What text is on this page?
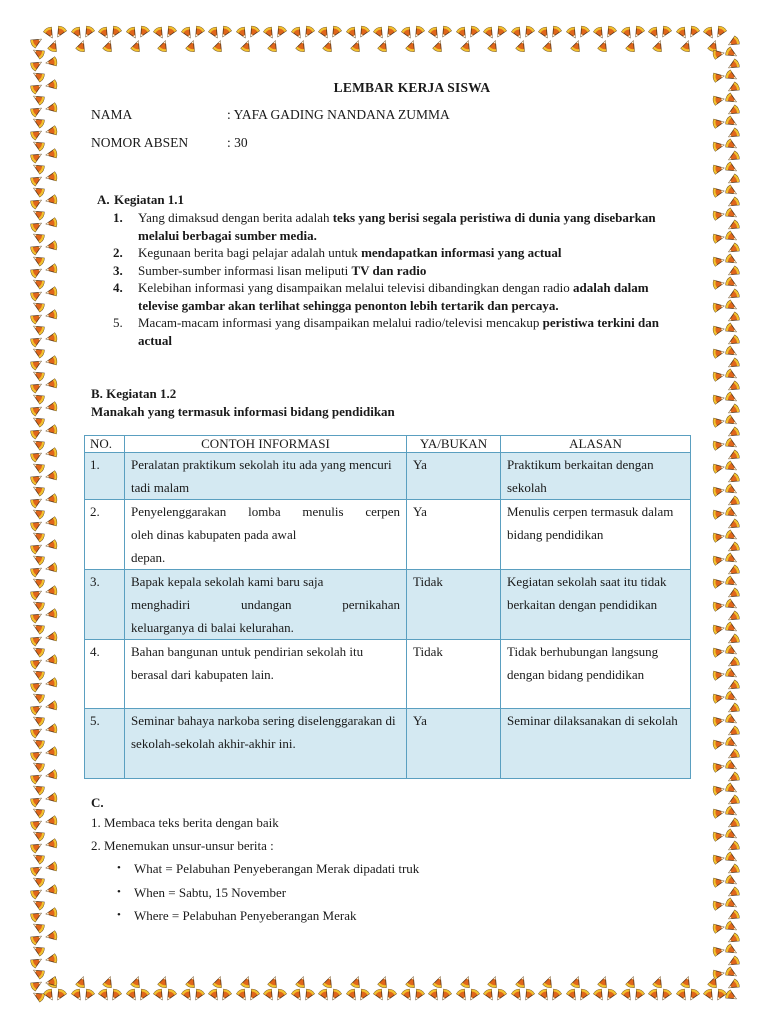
LEMBAR KERJA SISWA
NAMA	: YAFA GADING NANDANA ZUMMA
NOMOR ABSEN	: 30
A. Kegiatan 1.1
1. Yang dimaksud dengan berita adalah teks yang berisi segala peristiwa di dunia yang disebarkan melalui berbagai sumber media.
2. Kegunaan berita bagi pelajar adalah untuk mendapatkan informasi yang actual
3. Sumber-sumber informasi lisan meliputi TV dan radio
4. Kelebihan informasi yang disampaikan melalui televisi dibandingkan dengan radio adalah dalam televise gambar akan terlihat sehingga penonton lebih tertarik dan percaya.
5. Macam-macam informasi yang disampaikan melalui radio/televisi mencakup peristiwa terkini dan actual
B. Kegiatan 1.2
Manakah yang termasuk informasi bidang pendidikan
NO.	CONTOH INFORMASI	YA/BUKAN	ALASAN
1.	Peralatan praktikum sekolah itu ada yang mencuri tadi malam	Ya	Praktikum berkaitan dengan sekolah
2.	Penyelenggarakan lomba menulis cerpen
oleh dinas kabupaten pada awal
depan.	Ya	Menulis cerpen termasuk dalam bidang pendidikan
3.	Bapak kepala sekolah kami baru saja
menghadiri undangan pernikahan
keluarganya di balai kelurahan.	Tidak	Kegiatan sekolah saat itu tidak berkaitan dengan pendidikan
4.	Bahan bangunan untuk pendirian sekolah itu berasal dari kabupaten lain.	Tidak	Tidak berhubungan langsung dengan bidang pendidikan
5.	Seminar bahaya narkoba sering diselenggarakan di sekolah-sekolah akhir-akhir ini.	Ya	Seminar dilaksanakan di sekolah
C.
1. Membaca teks berita dengan baik
2. Menemukan unsur-unsur berita :
• What = Pelabuhan Penyeberangan Merak dipadati truk
• When = Sabtu, 15 November
• Where = Pelabuhan Penyeberangan Merak
